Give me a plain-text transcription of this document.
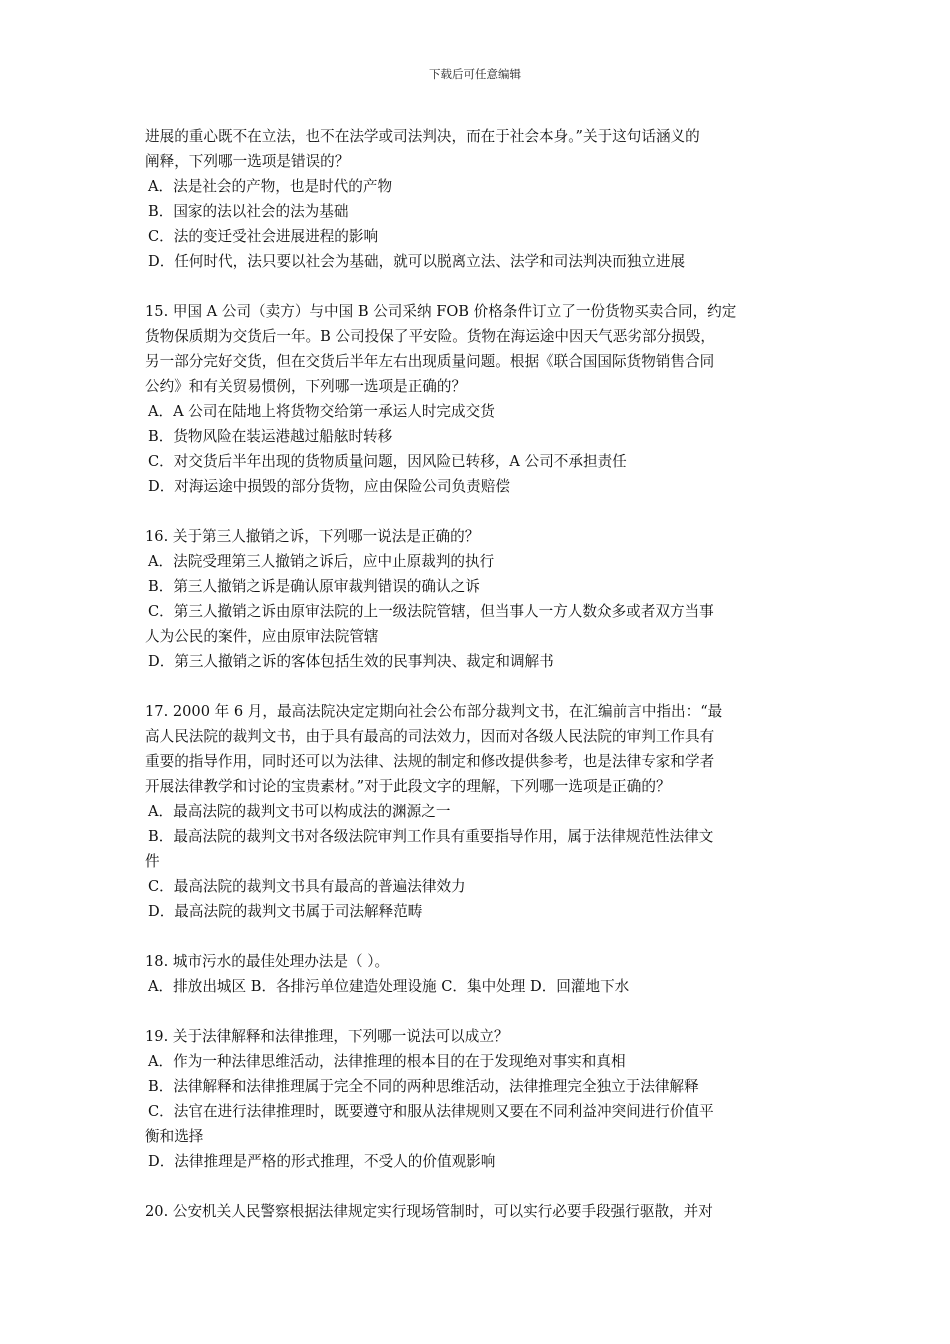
下载后可任意编辑
进展的重心既不在立法，也不在法学或司法判决，而在于社会本身。”关于这句话涵义的
阐释，下列哪一选项是错误的？
A．法是社会的产物，也是时代的产物
B．国家的法以社会的法为基础
C．法的变迁受社会进展进程的影响
D．任何时代，法只要以社会为基础，就可以脱离立法、法学和司法判决而独立进展
15. 甲国 A 公司（卖方）与中国 B 公司采纳 FOB 价格条件订立了一份货物买卖合同，约定
货物保质期为交货后一年。B 公司投保了平安险。货物在海运途中因天气恶劣部分损毁，
另一部分完好交货，但在交货后半年左右出现质量问题。根据《联合国国际货物销售合同
公约》和有关贸易惯例，下列哪一选项是正确的？
A．A 公司在陆地上将货物交给第一承运人时完成交货
B．货物风险在装运港越过船舷时转移
C．对交货后半年出现的货物质量问题，因风险已转移，A 公司不承担责任
D．对海运途中损毁的部分货物，应由保险公司负责赔偿
16. 关于第三人撤销之诉，下列哪一说法是正确的？
A．法院受理第三人撤销之诉后，应中止原裁判的执行
B．第三人撤销之诉是确认原审裁判错误的确认之诉
C．第三人撤销之诉由原审法院的上一级法院管辖，但当事人一方人数众多或者双方当事
人为公民的案件，应由原审法院管辖
D．第三人撤销之诉的客体包括生效的民事判决、裁定和调解书
17. 2000 年 6 月，最高法院决定定期向社会公布部分裁判文书，在汇编前言中指出：“最
高人民法院的裁判文书，由于具有最高的司法效力，因而对各级人民法院的审判工作具有
重要的指导作用，同时还可以为法律、法规的制定和修改提供参考，也是法律专家和学者
开展法律教学和讨论的宝贵素材。”对于此段文字的理解，下列哪一选项是正确的？
A．最高法院的裁判文书可以构成法的渊源之一
B．最高法院的裁判文书对各级法院审判工作具有重要指导作用，属于法律规范性法律文
件
C．最高法院的裁判文书具有最高的普遍法律效力
D．最高法院的裁判文书属于司法解释范畴
18. 城市污水的最佳处理办法是（ ）。
A．排放出城区 B．各排污单位建造处理设施 C．集中处理 D．回灌地下水
19. 关于法律解释和法律推理，下列哪一说法可以成立？
A．作为一种法律思维活动，法律推理的根本目的在于发现绝对事实和真相
B．法律解释和法律推理属于完全不同的两种思维活动，法律推理完全独立于法律解释
C．法官在进行法律推理时，既要遵守和服从法律规则又要在不同利益冲突间进行价值平
衡和选择
D．法律推理是严格的形式推理，不受人的价值观影响
20. 公安机关人民警察根据法律规定实行现场管制时，可以实行必要手段强行驱散，并对
